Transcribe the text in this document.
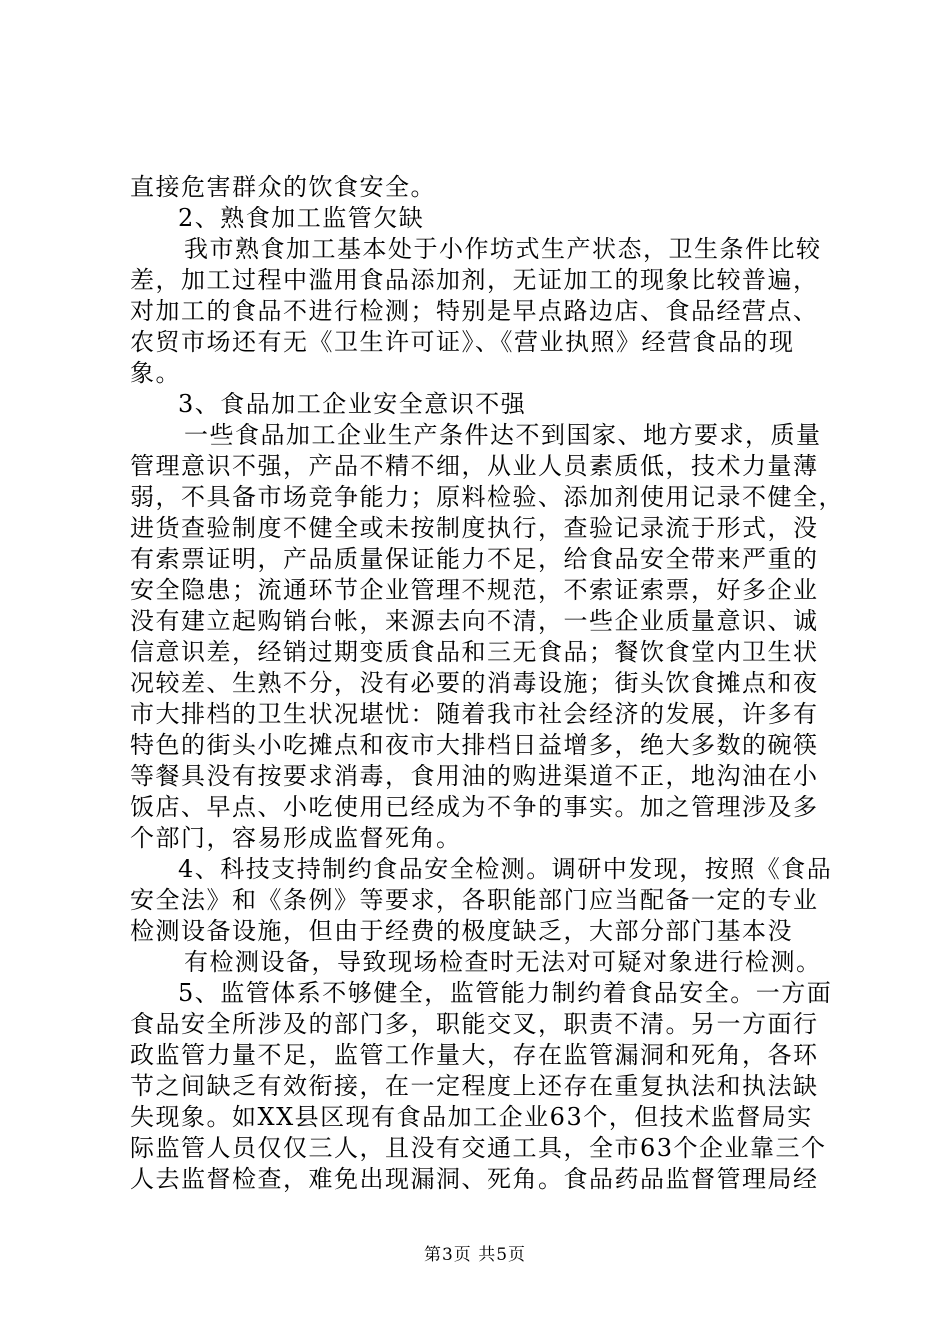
直接危害群众的饮食安全。
2、熟食加工监管欠缺
我市熟食加工基本处于小作坊式生产状态，卫生条件比较
差，加工过程中滥用食品添加剂，无证加工的现象比较普遍，
对加工的食品不进行检测；特别是早点路边店、食品经营点、
农贸市场还有无《卫生许可证》、《营业执照》经营食品的现
象。
3、食品加工企业安全意识不强
一些食品加工企业生产条件达不到国家、地方要求，质量
管理意识不强，产品不精不细，从业人员素质低，技术力量薄
弱，不具备市场竞争能力；原料检验、添加剂使用记录不健全，
进货查验制度不健全或未按制度执行，查验记录流于形式，没
有索票证明，产品质量保证能力不足，给食品安全带来严重的
安全隐患；流通环节企业管理不规范，不索证索票，好多企业
没有建立起购销台帐，来源去向不清，一些企业质量意识、诚
信意识差，经销过期变质食品和三无食品；餐饮食堂内卫生状
况较差、生熟不分，没有必要的消毒设施；街头饮食摊点和夜
市大排档的卫生状况堪忧：随着我市社会经济的发展，许多有
特色的街头小吃摊点和夜市大排档日益增多，绝大多数的碗筷
等餐具没有按要求消毒，食用油的购进渠道不正，地沟油在小
饭店、早点、小吃使用已经成为不争的事实。加之管理涉及多
个部门，容易形成监督死角。
4、科技支持制约食品安全检测。调研中发现，按照《食品
安全法》和《条例》等要求，各职能部门应当配备一定的专业
检测设备设施，但由于经费的极度缺乏，大部分部门基本没
有检测设备，导致现场检查时无法对可疑对象进行检测。
5、监管体系不够健全，监管能力制约着食品安全。一方面
食品安全所涉及的部门多，职能交叉，职责不清。另一方面行
政监管力量不足，监管工作量大，存在监管漏洞和死角，各环
节之间缺乏有效衔接，在一定程度上还存在重复执法和执法缺
失现象。如XX县区现有食品加工企业63个，但技术监督局实
际监管人员仅仅三人，且没有交通工具，全市63个企业靠三个
人去监督检查，难免出现漏洞、死角。食品药品监督管理局经
第3页 共5页
